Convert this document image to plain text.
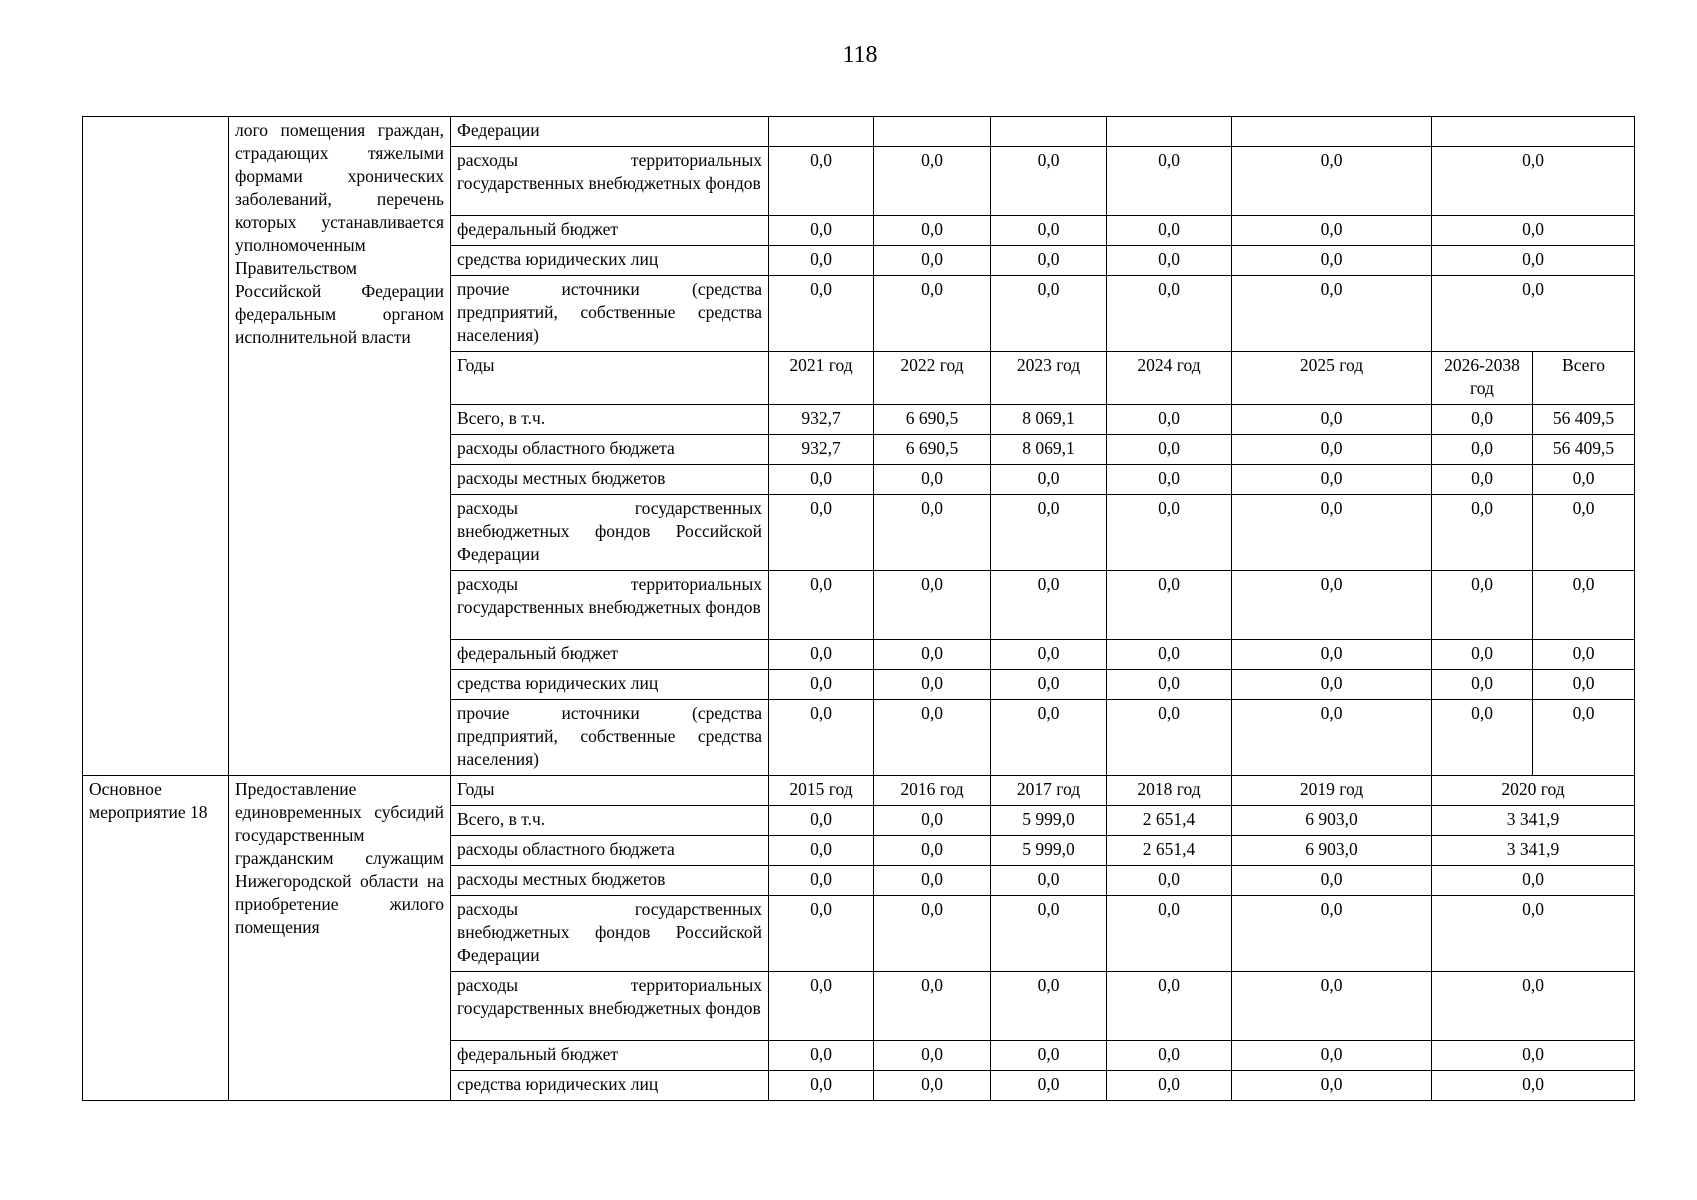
118
	лого помещения граждан, страдающих тяжелыми формами хронических заболеваний, перечень которых устанавливается уполномоченным Правительством Российской Федерации федеральным органом исполнительной власти	Федерации							
		расходы территориальных государственных внебюджетных фондов	0,0	0,0	0,0	0,0	0,0	0,0	
		федеральный бюджет	0,0	0,0	0,0	0,0	0,0	0,0	
		средства юридических лиц	0,0	0,0	0,0	0,0	0,0	0,0	
		прочие источники (средства предприятий, собственные средства населения)	0,0	0,0	0,0	0,0	0,0	0,0	
		Годы	2021 год	2022 год	2023 год	2024 год	2025 год	2026-2038 год	Всего
		Всего, в т.ч.	932,7	6 690,5	8 069,1	0,0	0,0	0,0	56 409,5
		расходы областного бюджета	932,7	6 690,5	8 069,1	0,0	0,0	0,0	56 409,5
		расходы местных бюджетов	0,0	0,0	0,0	0,0	0,0	0,0	0,0
		расходы государственных внебюджетных фондов Российской Федерации	0,0	0,0	0,0	0,0	0,0	0,0	0,0
		расходы территориальных государственных внебюджетных фондов	0,0	0,0	0,0	0,0	0,0	0,0	0,0
		федеральный бюджет	0,0	0,0	0,0	0,0	0,0	0,0	0,0
		средства юридических лиц	0,0	0,0	0,0	0,0	0,0	0,0	0,0
		прочие источники (средства предприятий, собственные средства населения)	0,0	0,0	0,0	0,0	0,0	0,0	0,0
Основное мероприятие 18	Предоставление единовременных субсидий государственным гражданским служащим Нижегородской области на приобретение жилого помещения	Годы	2015 год	2016 год	2017 год	2018 год	2019 год	2020 год	
		Всего, в т.ч.	0,0	0,0	5 999,0	2 651,4	6 903,0	3 341,9	
		расходы областного бюджета	0,0	0,0	5 999,0	2 651,4	6 903,0	3 341,9	
		расходы местных бюджетов	0,0	0,0	0,0	0,0	0,0	0,0	
		расходы государственных внебюджетных фондов Российской Федерации	0,0	0,0	0,0	0,0	0,0	0,0	
		расходы территориальных государственных внебюджетных фондов	0,0	0,0	0,0	0,0	0,0	0,0	
		федеральный бюджет	0,0	0,0	0,0	0,0	0,0	0,0	
		средства юридических лиц	0,0	0,0	0,0	0,0	0,0	0,0	
